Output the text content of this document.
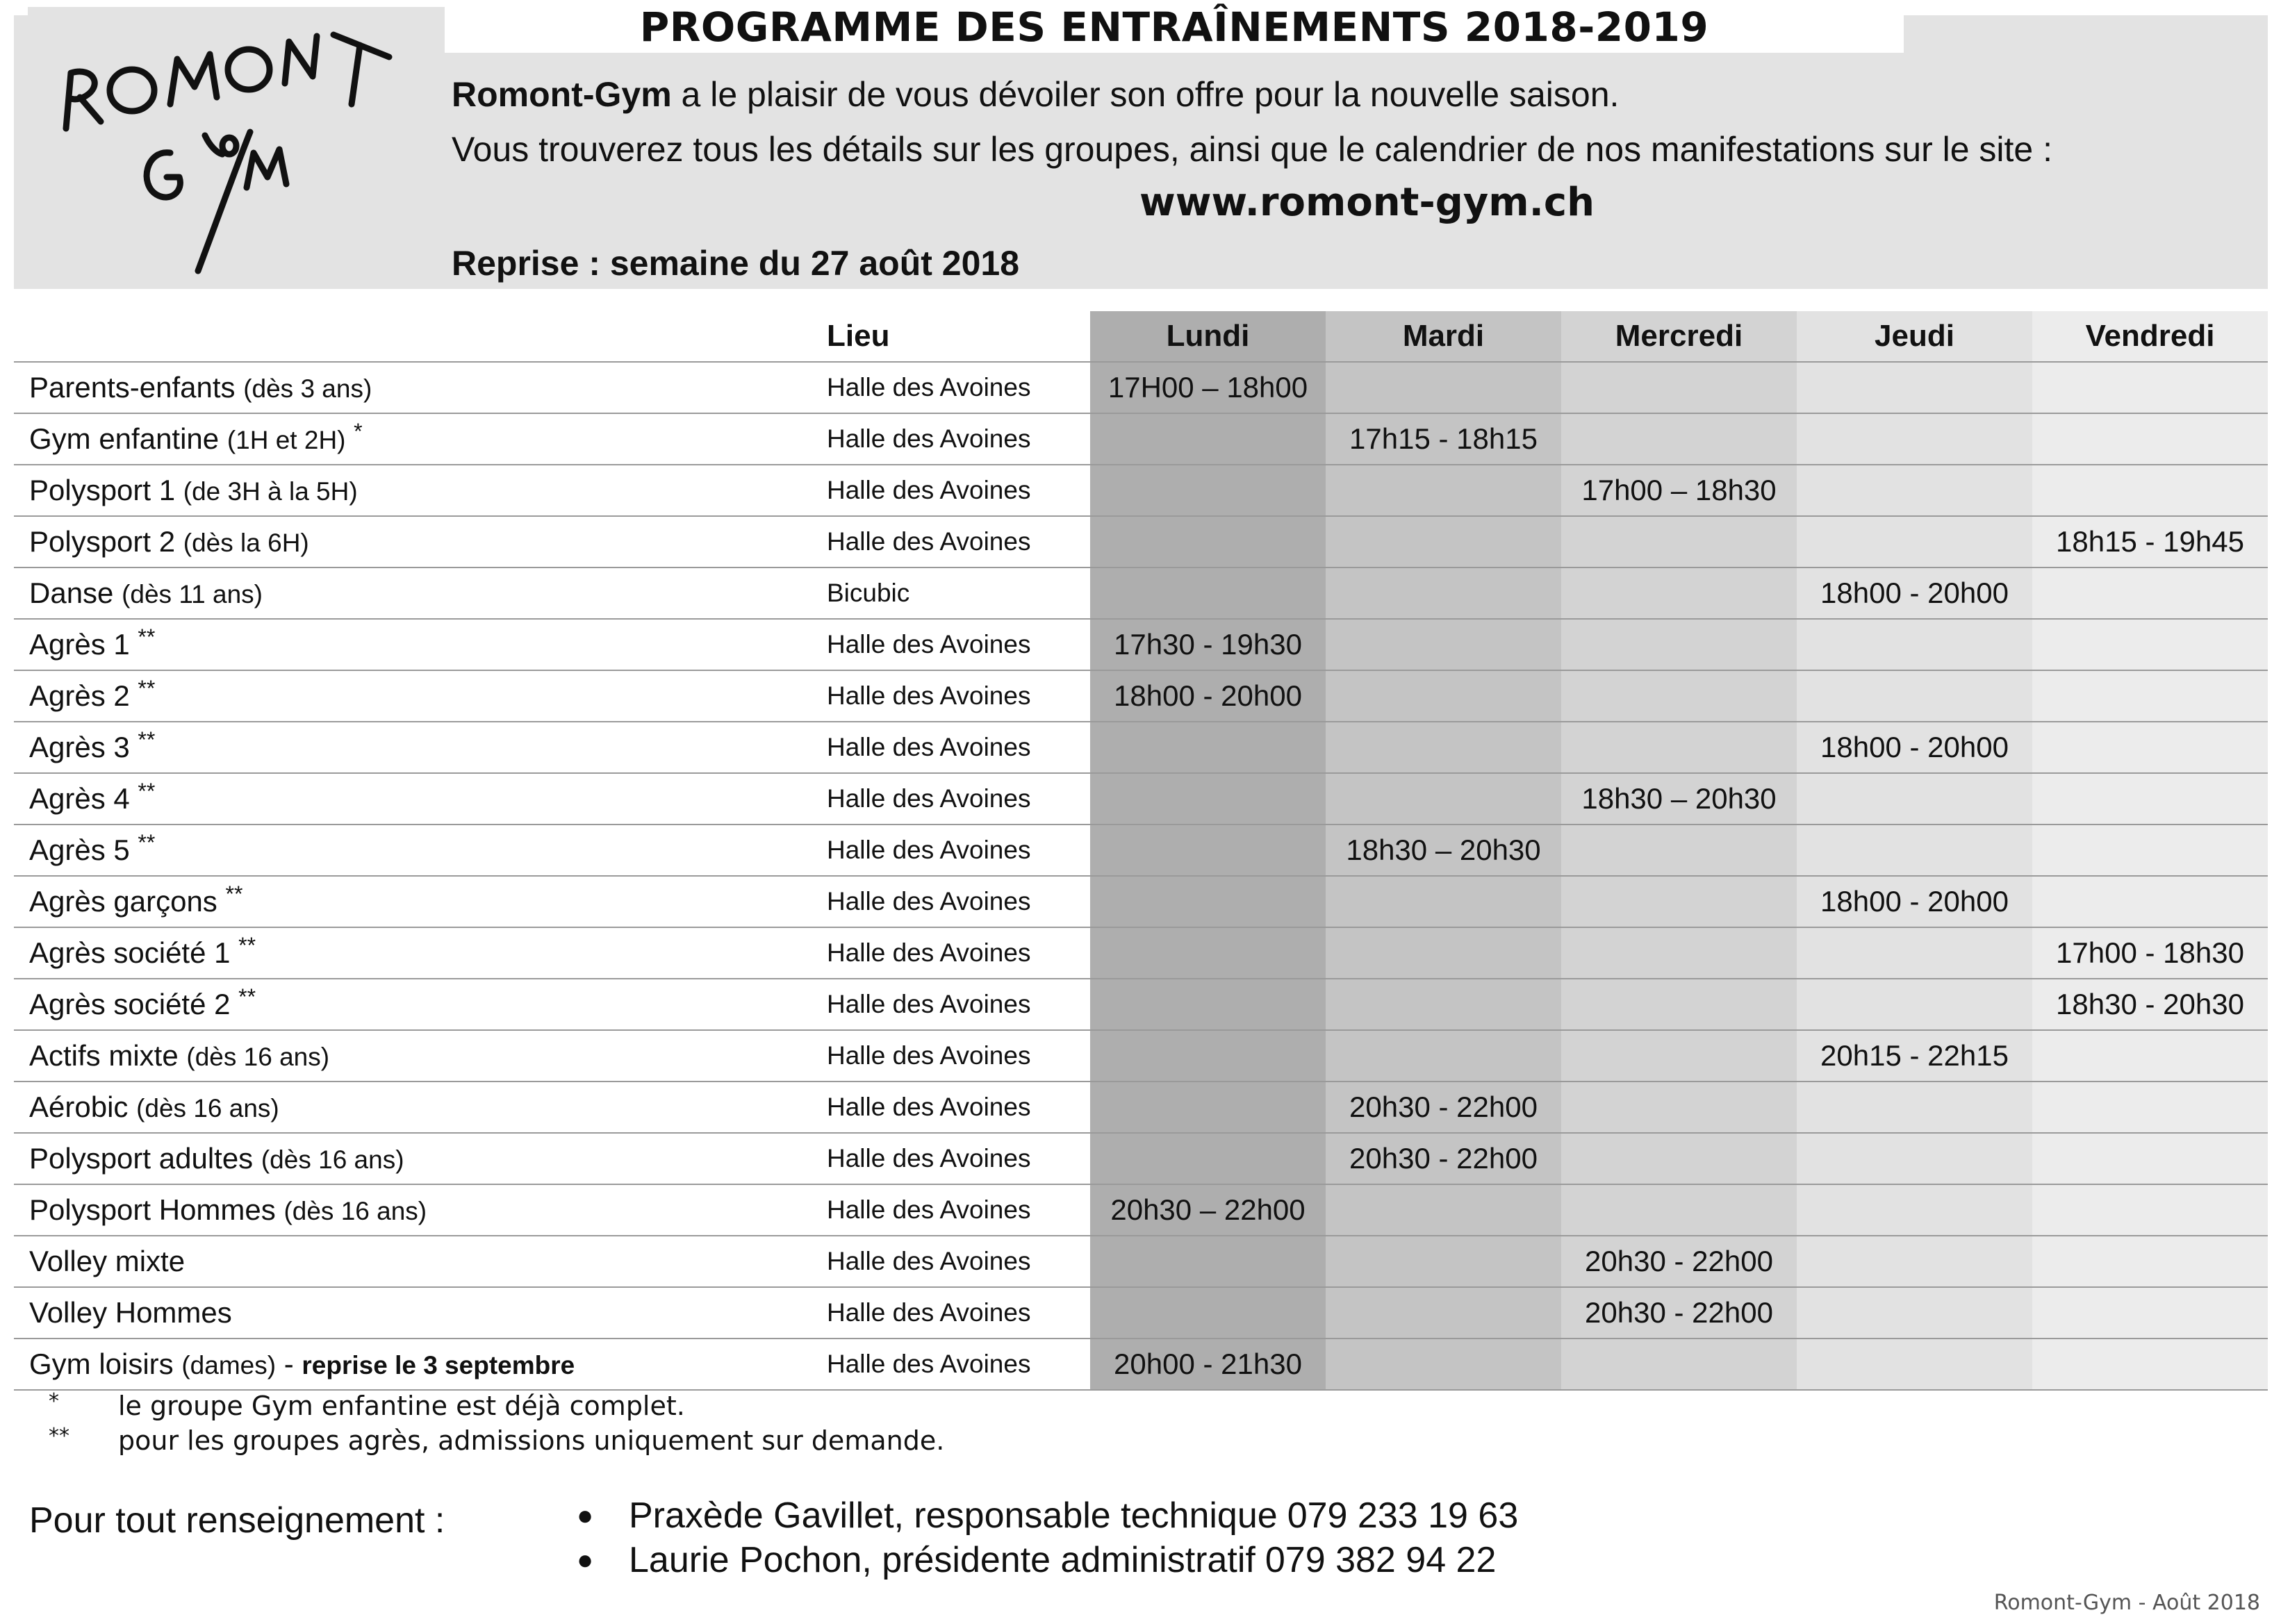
PROGRAMME DES ENTRAÎNEMENTS 2018-2019
Romont-Gym a le plaisir de vous dévoiler son offre pour la nouvelle saison.
Vous trouverez tous les détails sur les groupes, ainsi que le calendrier de nos manifestations sur le site :
www.romont-gym.ch
Reprise : semaine du 27 août 2018
	Lieu	Lundi	Mardi	Mercredi	Jeudi	Vendredi
Parents-enfants (dès 3 ans)	Halle des Avoines	17H00 – 18h00				
Gym enfantine (1H et 2H) *	Halle des Avoines		17h15 - 18h15			
Polysport 1 (de 3H à la 5H)	Halle des Avoines			17h00 – 18h30		
Polysport 2 (dès la 6H)	Halle des Avoines					18h15 - 19h45
Danse (dès 11 ans)	Bicubic				18h00 - 20h00	
Agrès 1 **	Halle des Avoines	17h30 - 19h30				
Agrès 2 **	Halle des Avoines	18h00 - 20h00				
Agrès 3 **	Halle des Avoines				18h00 - 20h00	
Agrès 4 **	Halle des Avoines			18h30 – 20h30		
Agrès 5 **	Halle des Avoines		18h30 – 20h30			
Agrès garçons **	Halle des Avoines				18h00 - 20h00	
Agrès société 1 **	Halle des Avoines					17h00 - 18h30
Agrès société 2 **	Halle des Avoines					18h30 - 20h30
Actifs mixte (dès 16 ans)	Halle des Avoines				20h15 - 22h15	
Aérobic (dès 16 ans)	Halle des Avoines		20h30 - 22h00			
Polysport adultes (dès 16 ans)	Halle des Avoines		20h30 - 22h00			
Polysport Hommes (dès 16 ans)	Halle des Avoines	20h30 – 22h00				
Volley mixte	Halle des Avoines			20h30 - 22h00		
Volley Hommes	Halle des Avoines			20h30 - 22h00		
Gym loisirs (dames) - reprise le 3 septembre	Halle des Avoines	20h00 - 21h30				
* le groupe Gym enfantine est déjà complet.
** pour les groupes agrès, admissions uniquement sur demande.
Pour tout renseignement :	● Praxède Gavillet, responsable technique 079 233 19 63
● Laurie Pochon, présidente administratif 079 382 94 22
Romont-Gym - Août 2018
